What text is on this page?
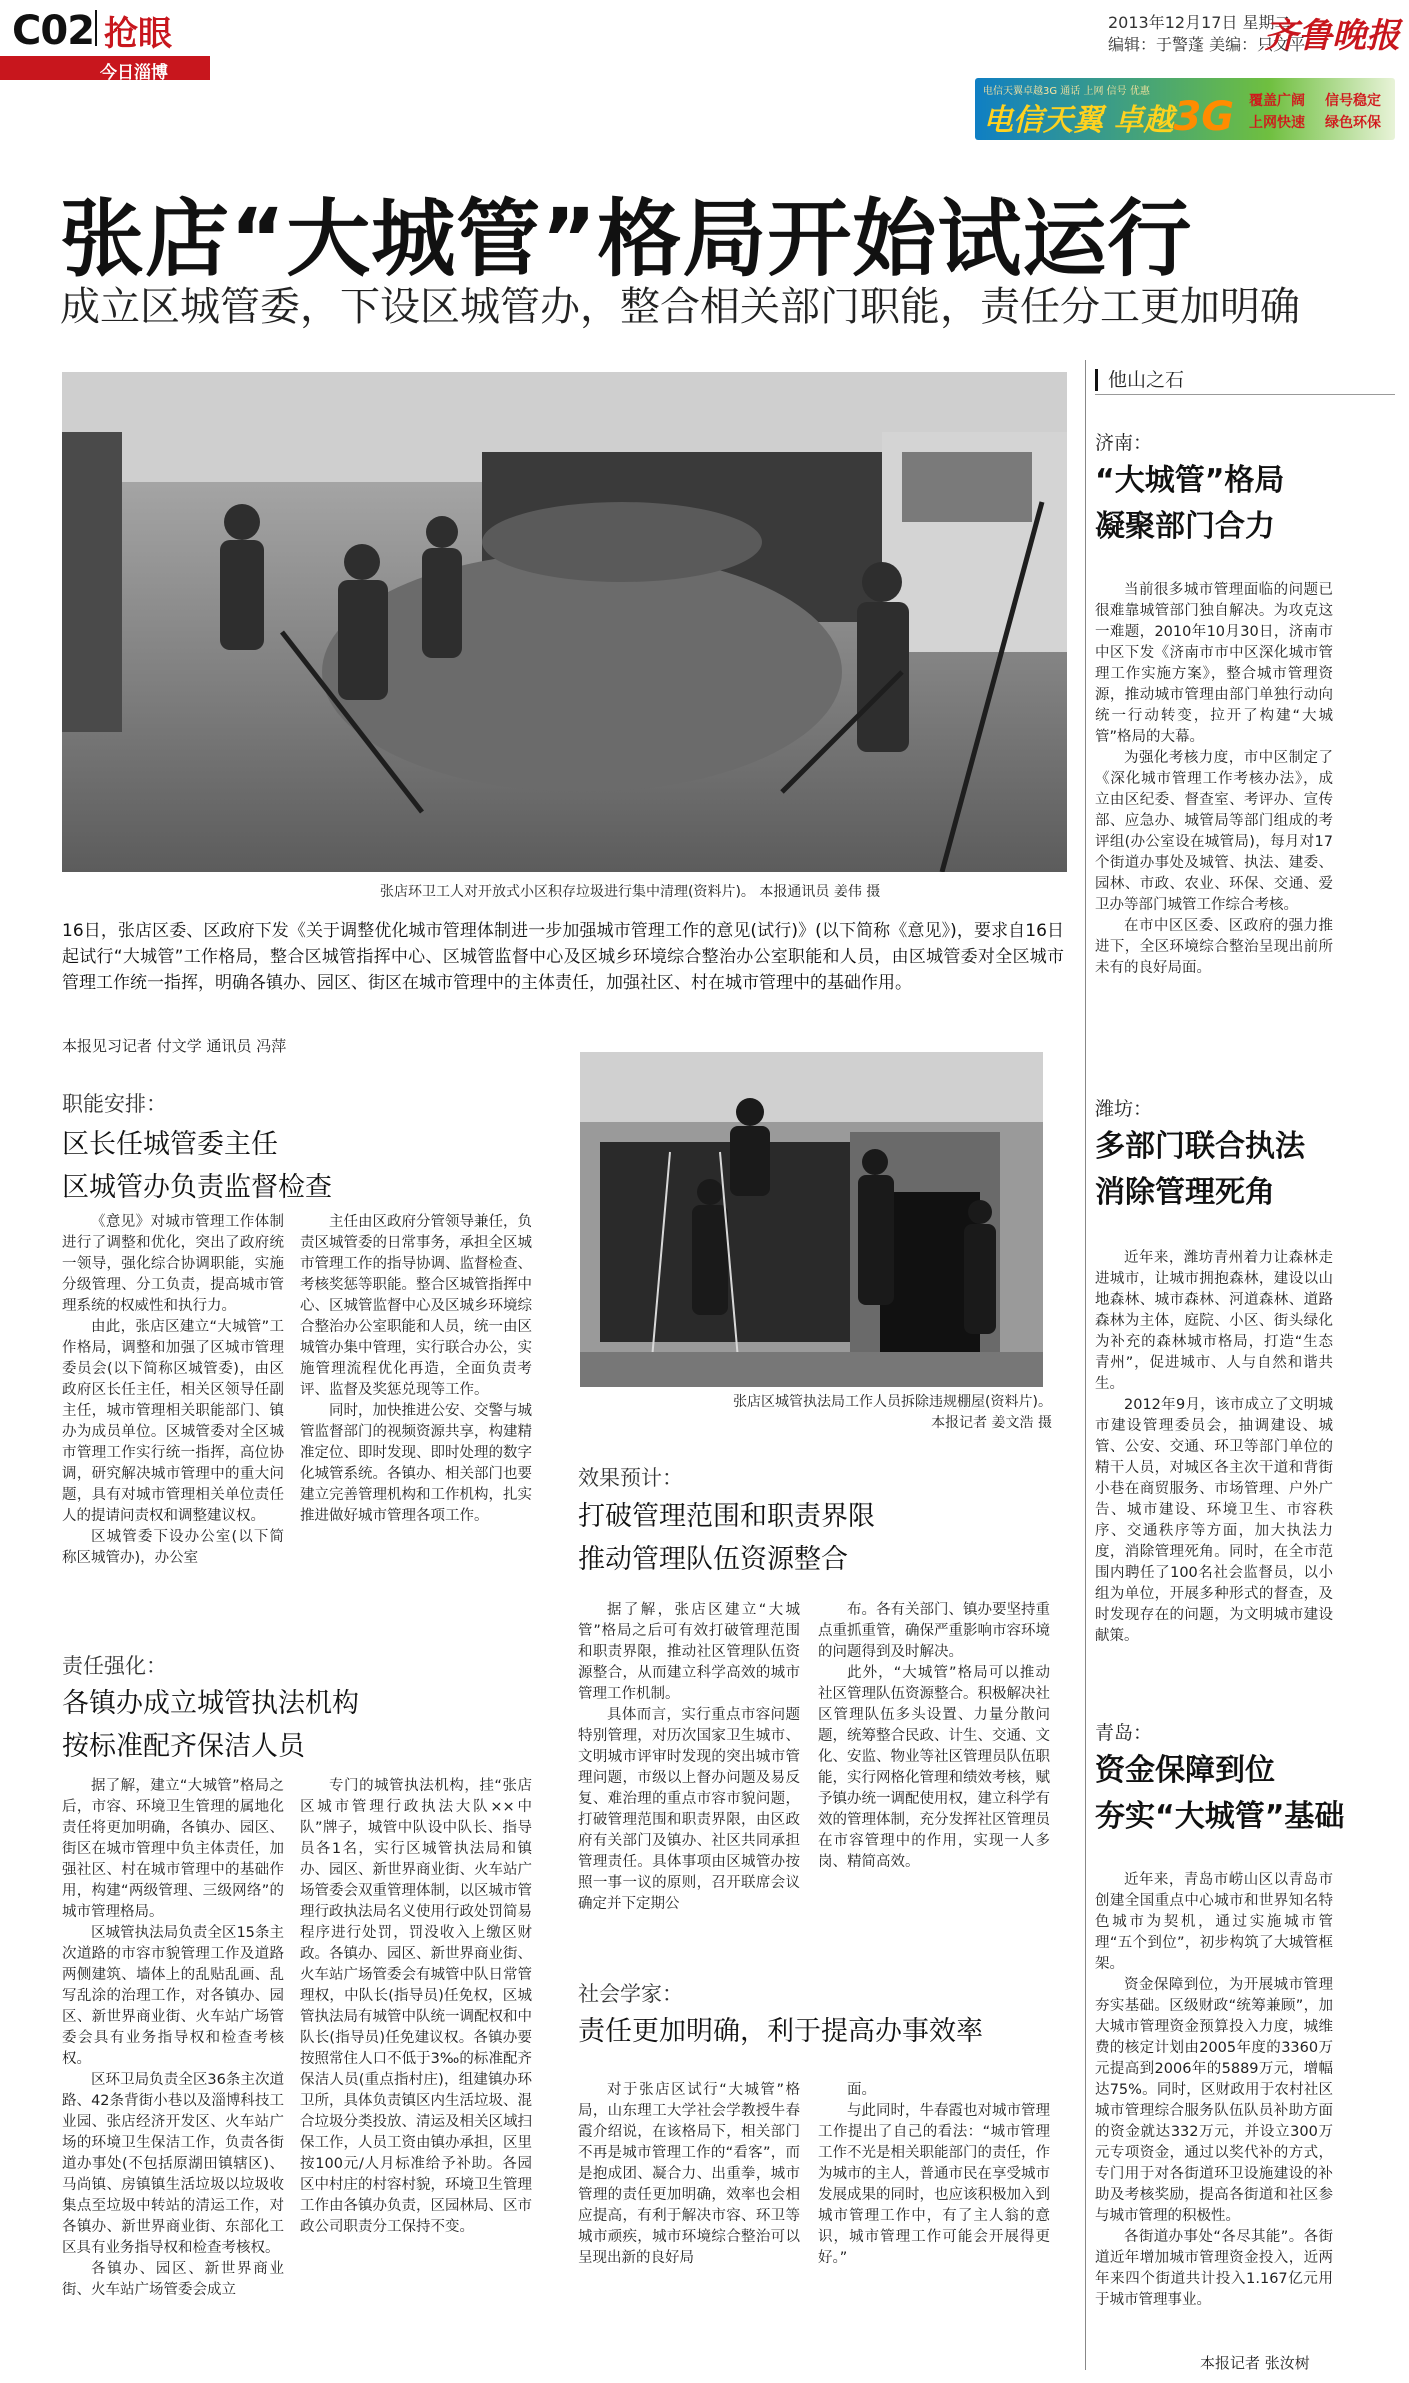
C02 抢眼
今日淄博
2013年12月17日 星期二
编辑：于警蓬 美编：只文平
齐鲁晚报
电信天翼卓越3G 通话 上网 信号 优惠
电信天翼 卓越3G 覆盖广阔 信号稳定
上网快速 绿色环保
张店“大城管”格局开始试运行
成立区城管委，下设区城管办，整合相关部门职能，责任分工更加明确
张店环卫工人对开放式小区积存垃圾进行集中清理(资料片)。 本报通讯员 姜伟 摄
16日，张店区委、区政府下发《关于调整优化城市管理体制进一步加强城市管理工作的意见(试行)》(以下简称《意见》)，要求自16日起试行“大城管”工作格局，整合区城管指挥中心、区城管监督中心及区城乡环境综合整治办公室职能和人员，由区城管委对全区城市管理工作统一指挥，明确各镇办、园区、街区在城市管理中的主体责任，加强社区、村在城市管理中的基础作用。
本报见习记者 付文学 通讯员 冯萍
职能安排：
区长任城管委主任
区城管办负责监督检查
《意见》对城市管理工作体制进行了调整和优化，突出了政府统一领导，强化综合协调职能，实施分级管理、分工负责，提高城市管理系统的权威性和执行力。
由此，张店区建立“大城管”工作格局，调整和加强了区城市管理委员会(以下简称区城管委)，由区政府区长任主任，相关区领导任副主任，城市管理相关职能部门、镇办为成员单位。区城管委对全区城市管理工作实行统一指挥，高位协调，研究解决城市管理中的重大问题，具有对城市管理相关单位责任人的提请问责权和调整建议权。
区城管委下设办公室(以下简称区城管办)，办公室
主任由区政府分管领导兼任，负责区城管委的日常事务，承担全区城市管理工作的指导协调、监督检查、考核奖惩等职能。整合区城管指挥中心、区城管监督中心及区城乡环境综合整治办公室职能和人员，统一由区城管办集中管理，实行联合办公，实施管理流程优化再造，全面负责考评、监督及奖惩兑现等工作。
同时，加快推进公安、交警与城管监督部门的视频资源共享，构建精准定位、即时发现、即时处理的数字化城管系统。各镇办、相关部门也要建立完善管理机构和工作机构，扎实推进做好城市管理各项工作。
张店区城管执法局工作人员拆除违规棚屋(资料片)。
本报记者 姜文浩 摄
责任强化：
各镇办成立城管执法机构
按标准配齐保洁人员
据了解，建立“大城管”格局之后，市容、环境卫生管理的属地化责任将更加明确，各镇办、园区、街区在城市管理中负主体责任，加强社区、村在城市管理中的基础作用，构建“两级管理、三级网络”的城市管理格局。
区城管执法局负责全区15条主次道路的市容市貌管理工作及道路两侧建筑、墙体上的乱贴乱画、乱写乱涂的治理工作，对各镇办、园区、新世界商业街、火车站广场管委会具有业务指导权和检查考核权。
区环卫局负责全区36条主次道路、42条背街小巷以及淄博科技工业园、张店经济开发区、火车站广场的环境卫生保洁工作，负责各街道办事处(不包括原湖田镇辖区)、马尚镇、房镇镇生活垃圾以垃圾收集点至垃圾中转站的清运工作，对各镇办、新世界商业街、东部化工区具有业务指导权和检查考核权。
各镇办、园区、新世界商业街、火车站广场管委会成立
专门的城管执法机构，挂“张店区城市管理行政执法大队××中队”牌子，城管中队设中队长、指导员各1名，实行区城管执法局和镇办、园区、新世界商业街、火车站广场管委会双重管理体制，以区城市管理行政执法局名义使用行政处罚简易程序进行处罚，罚没收入上缴区财政。各镇办、园区、新世界商业街、火车站广场管委会有城管中队日常管理权，中队长(指导员)任免权，区城管执法局有城管中队统一调配权和中队长(指导员)任免建议权。各镇办要按照常住人口不低于3‰的标准配齐保洁人员(重点指村庄)，组建镇办环卫所，具体负责镇区内生活垃圾、混合垃圾分类投放、清运及相关区域扫保工作，人员工资由镇办承担，区里按100元/人月标准给予补助。各园区中村庄的村容村貌，环境卫生管理工作由各镇办负责，区园林局、区市政公司职责分工保持不变。
效果预计：
打破管理范围和职责界限
推动管理队伍资源整合
据了解，张店区建立“大城管”格局之后可有效打破管理范围和职责界限，推动社区管理队伍资源整合，从而建立科学高效的城市管理工作机制。
具体而言，实行重点市容问题特别管理，对历次国家卫生城市、文明城市评审时发现的突出城市管理问题，市级以上督办问题及易反复、难治理的重点市容市貌问题，打破管理范围和职责界限，由区政府有关部门及镇办、社区共同承担管理责任。具体事项由区城管办按照一事一议的原则，召开联席会议确定并下定期公
布。各有关部门、镇办要坚持重点重抓重管，确保严重影响市容环境的问题得到及时解决。
此外，“大城管”格局可以推动社区管理队伍资源整合。积极解决社区管理队伍多头设置、力量分散问题，统筹整合民政、计生、交通、文化、安监、物业等社区管理员队伍职能，实行网格化管理和绩效考核，赋予镇办统一调配使用权，建立科学有效的管理体制，充分发挥社区管理员在市容管理中的作用，实现一人多岗、精简高效。
社会学家：
责任更加明确，利于提高办事效率
对于张店区试行“大城管”格局，山东理工大学社会学教授牛春霞介绍说，在该格局下，相关部门不再是城市管理工作的“看客”，而是抱成团、凝合力、出重拳，城市管理的责任更加明确，效率也会相应提高，有利于解决市容、环卫等城市顽疾，城市环境综合整治可以呈现出新的良好局
面。
与此同时，牛春霞也对城市管理工作提出了自己的看法：“城市管理工作不光是相关职能部门的责任，作为城市的主人，普通市民在享受城市发展成果的同时，也应该积极加入到城市管理工作中，有了主人翁的意识，城市管理工作可能会开展得更好。”
他山之石
济南：
“大城管”格局
凝聚部门合力
当前很多城市管理面临的问题已很难靠城管部门独自解决。为攻克这一难题，2010年10月30日，济南市中区下发《济南市市中区深化城市管理工作实施方案》，整合城市管理资源，推动城市管理由部门单独行动向统一行动转变，拉开了构建“大城管”格局的大幕。
为强化考核力度，市中区制定了《深化城市管理工作考核办法》，成立由区纪委、督查室、考评办、宣传部、应急办、城管局等部门组成的考评组(办公室设在城管局)，每月对17个街道办事处及城管、执法、建委、园林、市政、农业、环保、交通、爱卫办等部门城管工作综合考核。
在市中区区委、区政府的强力推进下，全区环境综合整治呈现出前所未有的良好局面。
潍坊：
多部门联合执法
消除管理死角
近年来，潍坊青州着力让森林走进城市，让城市拥抱森林，建设以山地森林、城市森林、河道森林、道路森林为主体，庭院、小区、街头绿化为补充的森林城市格局，打造“生态青州”，促进城市、人与自然和谐共生。
2012年9月，该市成立了文明城市建设管理委员会，抽调建设、城管、公安、交通、环卫等部门单位的精干人员，对城区各主次干道和背街小巷在商贸服务、市场管理、户外广告、城市建设、环境卫生、市容秩序、交通秩序等方面，加大执法力度，消除管理死角。同时，在全市范围内聘任了100名社会监督员，以小组为单位，开展多种形式的督查，及时发现存在的问题，为文明城市建设献策。
青岛：
资金保障到位
夯实“大城管”基础
近年来，青岛市崂山区以青岛市创建全国重点中心城市和世界知名特色城市为契机，通过实施城市管理“五个到位”，初步构筑了大城管框架。
资金保障到位，为开展城市管理夯实基础。区级财政“统筹兼顾”，加大城市管理资金预算投入力度，城维费的核定计划由2005年度的3360万元提高到2006年的5889万元，增幅达75%。同时，区财政用于农村社区城市管理综合服务队伍队员补助方面的资金就达332万元，并设立300万元专项资金，通过以奖代补的方式，专门用于对各街道环卫设施建设的补助及考核奖励，提高各街道和社区参与城市管理的积极性。
各街道办事处“各尽其能”。各街道近年增加城市管理资金投入，近两年来四个街道共计投入1.167亿元用于城市管理事业。
本报记者 张汝树
